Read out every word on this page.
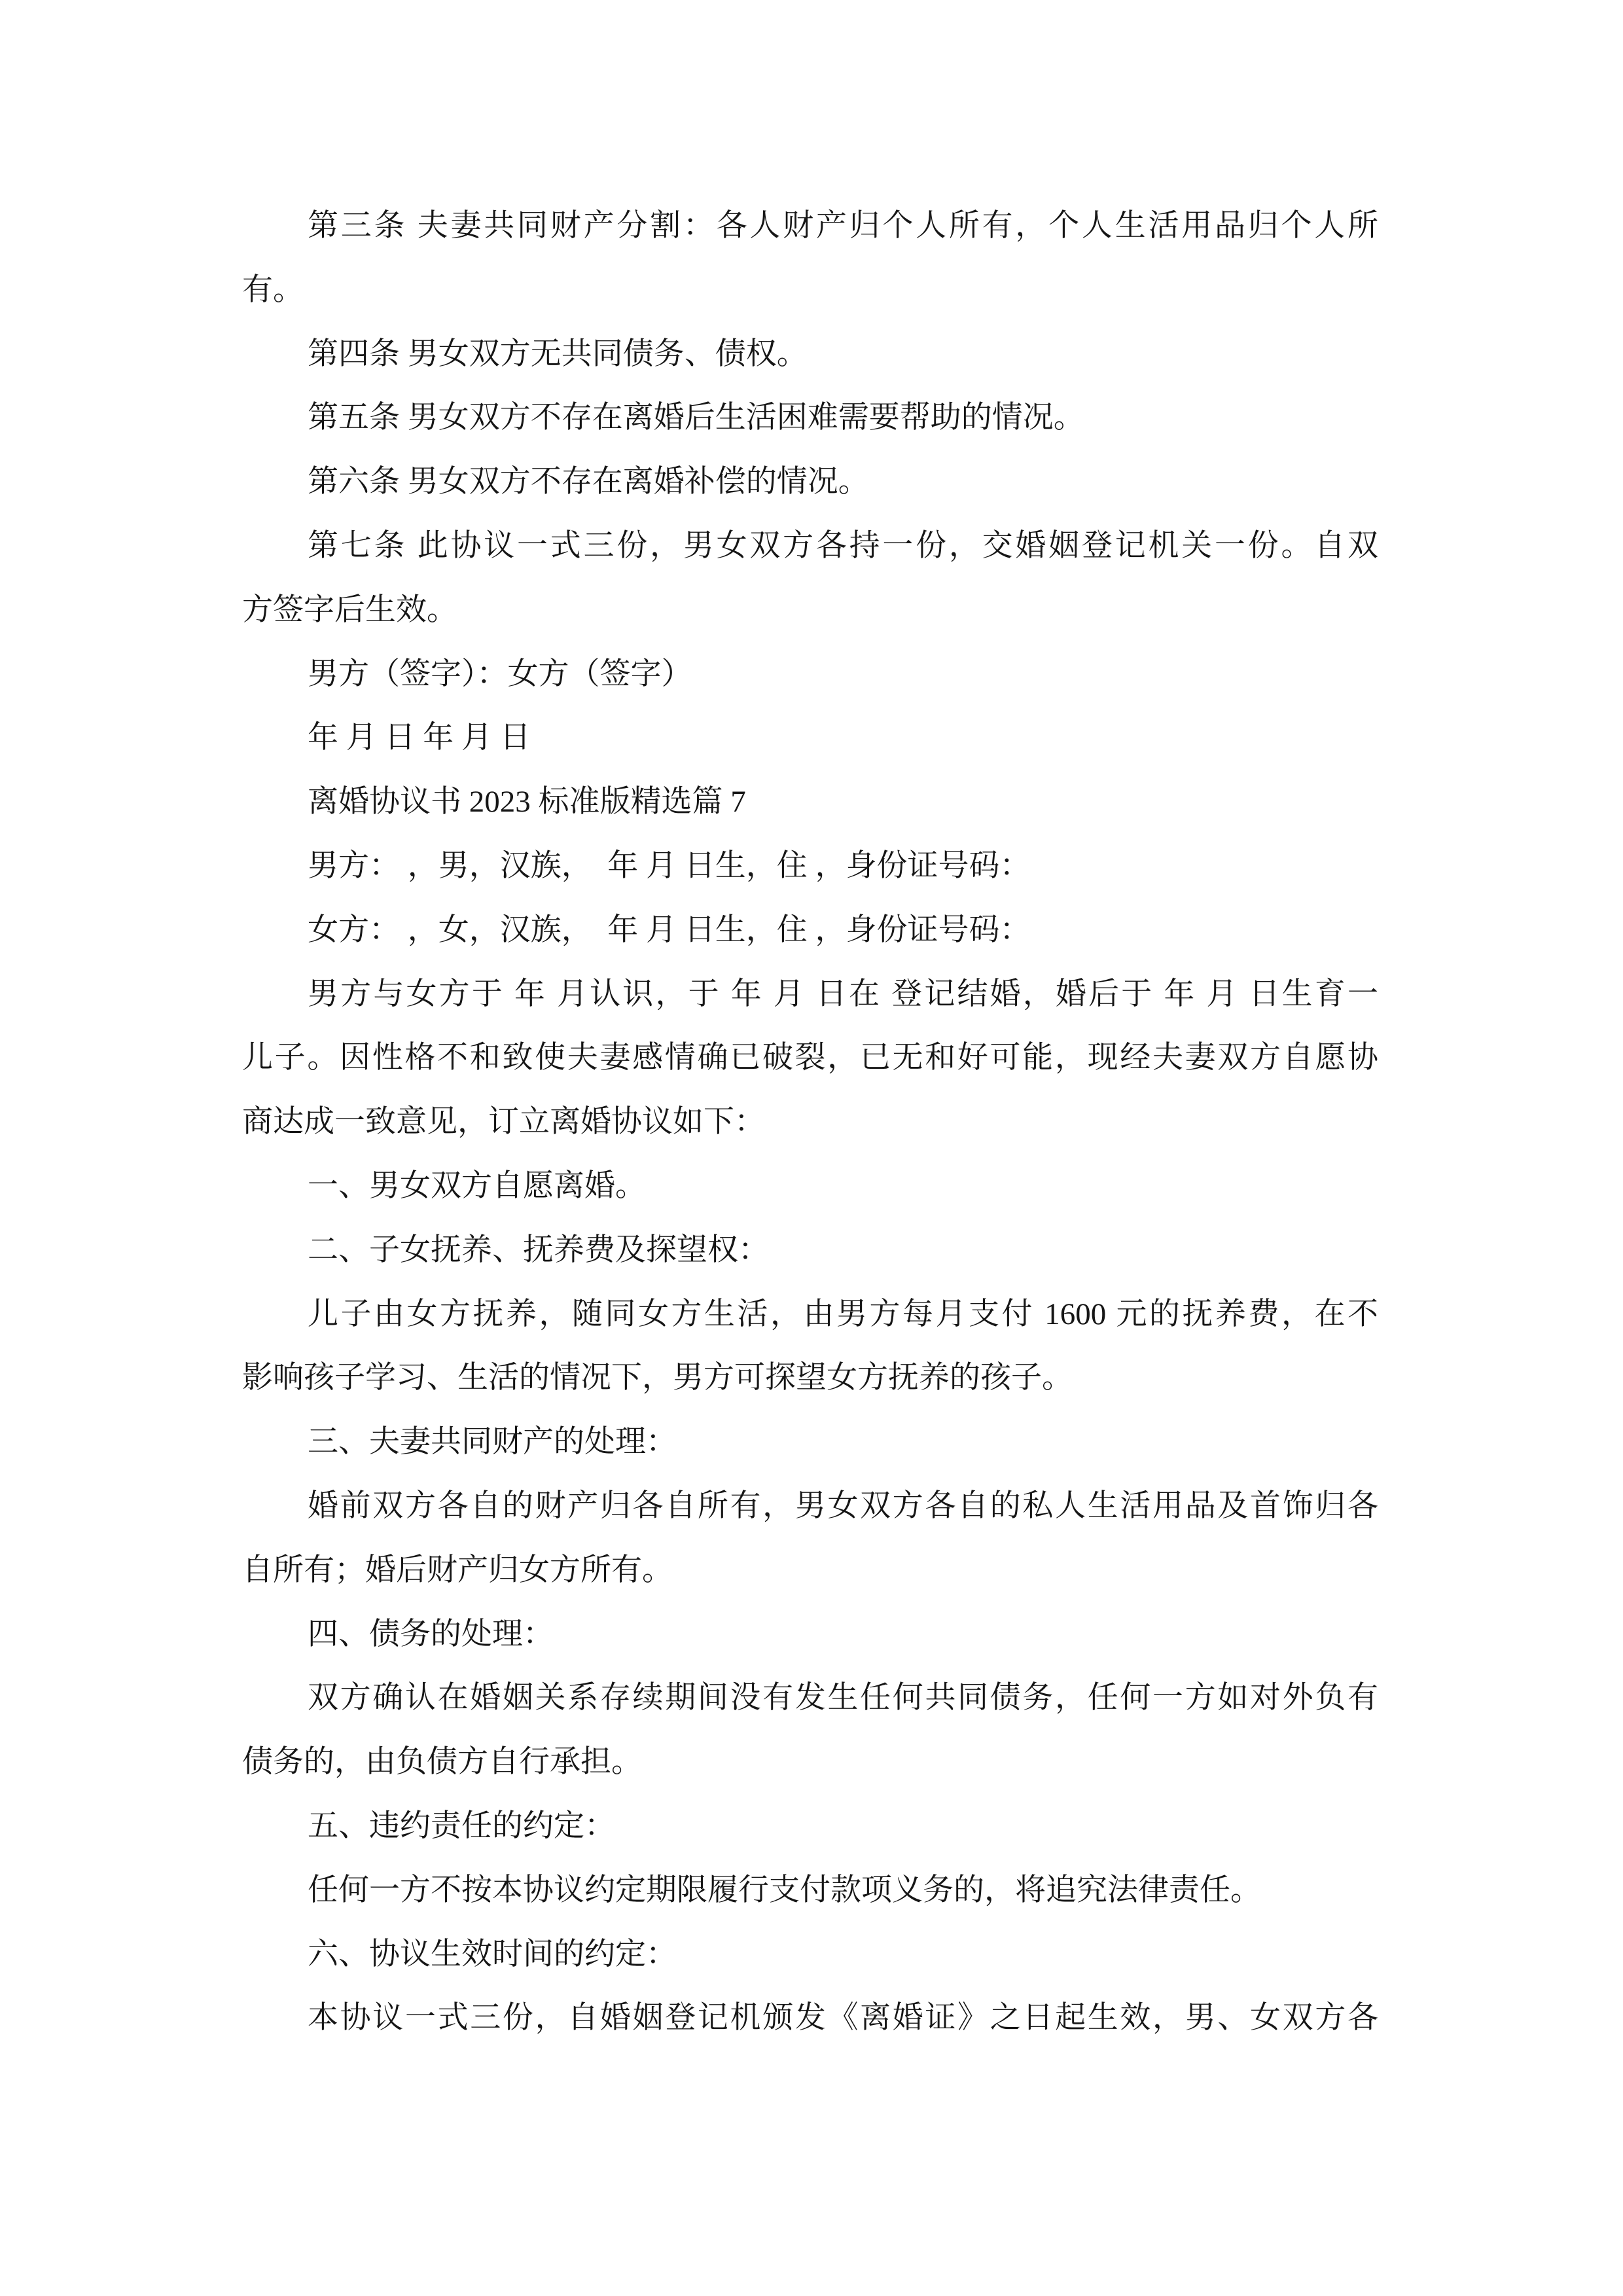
第三条 夫妻共同财产分割：各人财产归个人所有，个人生活用品归个人所
有。
第四条 男女双方无共同债务、债权。
第五条 男女双方不存在离婚后生活困难需要帮助的情况。
第六条 男女双方不存在离婚补偿的情况。
第七条 此协议一式三份，男女双方各持一份，交婚姻登记机关一份。自双
方签字后生效。
男方（签字）：女方（签字）
年 月 日 年 月 日
离婚协议书 2023 标准版精选篇 7
男方： ，男，汉族，  年 月 日生，住 ，身份证号码：
女方： ，女，汉族，  年 月 日生，住 ，身份证号码：
男方与女方于 年 月认识，于 年 月 日在 登记结婚，婚后于 年 月 日生育一
儿子。因性格不和致使夫妻感情确已破裂，已无和好可能，现经夫妻双方自愿协
商达成一致意见，订立离婚协议如下：
一、男女双方自愿离婚。
二、子女抚养、抚养费及探望权：
儿子由女方抚养，随同女方生活，由男方每月支付 1600 元的抚养费，在不
影响孩子学习、生活的情况下，男方可探望女方抚养的孩子。
三、夫妻共同财产的处理：
婚前双方各自的财产归各自所有，男女双方各自的私人生活用品及首饰归各
自所有；婚后财产归女方所有。
四、债务的处理：
双方确认在婚姻关系存续期间没有发生任何共同债务，任何一方如对外负有
债务的，由负债方自行承担。
五、违约责任的约定：
任何一方不按本协议约定期限履行支付款项义务的，将追究法律责任。
六、协议生效时间的约定：
本协议一式三份，自婚姻登记机颁发《离婚证》之日起生效，男、女双方各
